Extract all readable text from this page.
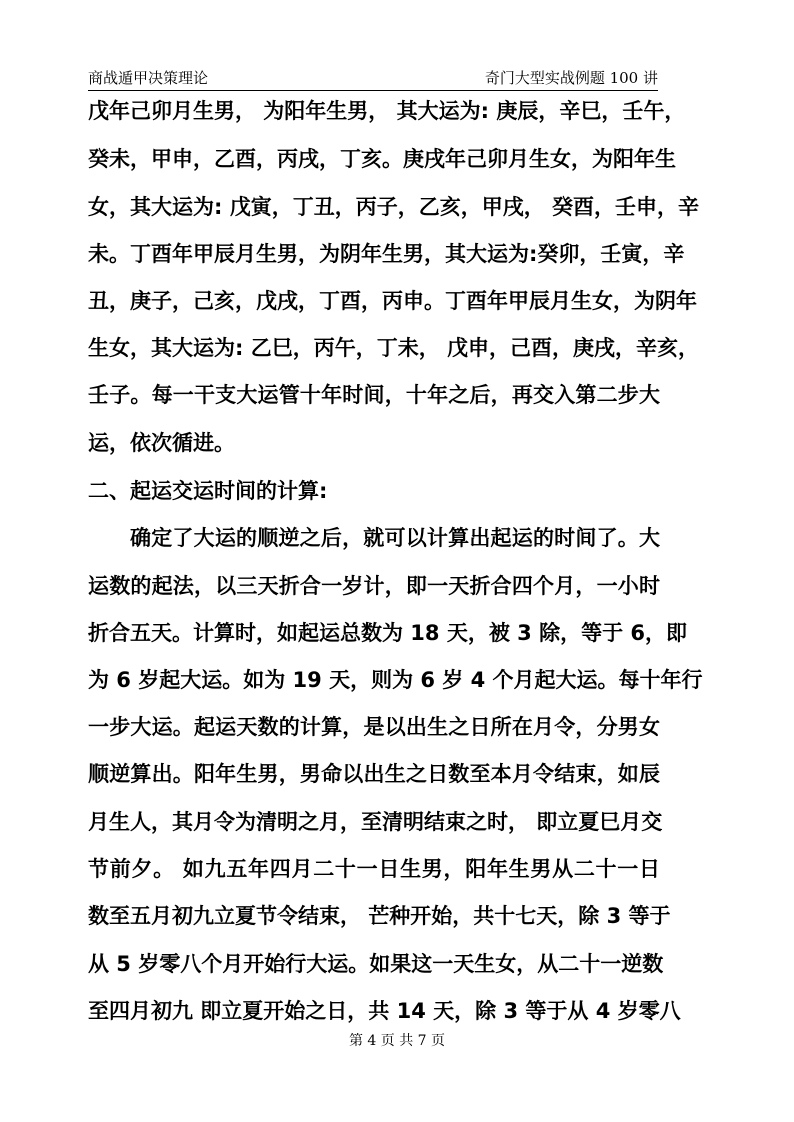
商战遁甲决策理论	奇门大型实战例题 100 讲
戊年己卯月生男， 为阳年生男， 其大运为: 庚辰，辛巳，壬午，
癸未，甲申，乙酉，丙戌，丁亥。庚戌年己卯月生女，为阳年生
女，其大运为: 戊寅，丁丑，丙子，乙亥，甲戌， 癸酉，壬申，辛
未。丁酉年甲辰月生男，为阴年生男，其大运为:癸卯，壬寅，辛
丑，庚子，己亥，戊戌，丁酉，丙申。丁酉年甲辰月生女，为阴年
生女，其大运为: 乙巳，丙午，丁未， 戊申，己酉，庚戌，辛亥，
壬子。每一干支大运管十年时间，十年之后，再交入第二步大
运，依次循进。
二、起运交运时间的计算:
确定了大运的顺逆之后，就可以计算出起运的时间了。大
运数的起法，以三天折合一岁计，即一天折合四个月，一小时
折合五天。计算时，如起运总数为 18 天，被 3 除，等于 6，即
为 6 岁起大运。如为 19 天，则为 6 岁 4 个月起大运。每十年行
一步大运。起运天数的计算，是以出生之日所在月令，分男女
顺逆算出。阳年生男，男命以出生之日数至本月令结束，如辰
月生人，其月令为清明之月，至清明结束之时， 即立夏巳月交
节前夕。 如九五年四月二十一日生男，阳年生男从二十一日
数至五月初九立夏节令结束， 芒种开始，共十七天，除 3 等于
从 5 岁零八个月开始行大运。如果这一天生女，从二十一逆数
至四月初九 即立夏开始之日，共 14 天，除 3 等于从 4 岁零八
第 4 页 共 7 页
